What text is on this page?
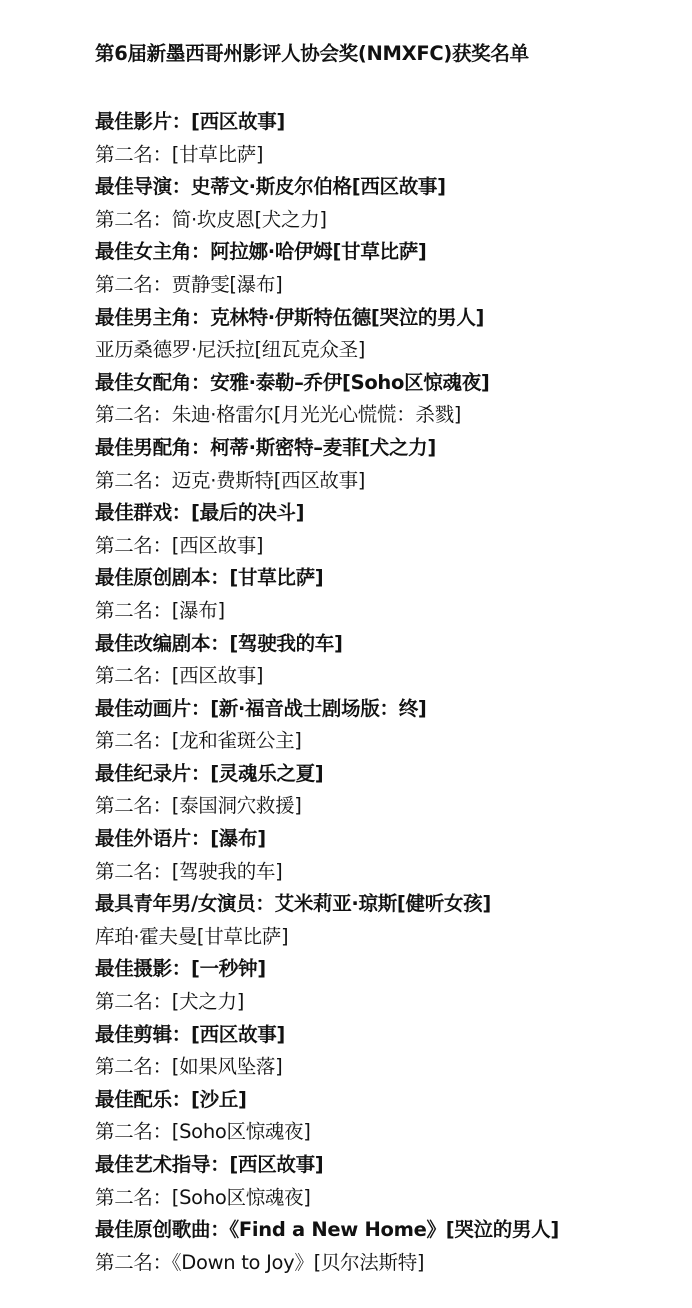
第6届新墨西哥州影评人协会奖(NMXFC)获奖名单
最佳影片：[西区故事]
第二名：[甘草比萨]
最佳导演：史蒂文·斯皮尔伯格[西区故事]
第二名：简·坎皮恩[犬之力]
最佳女主角：阿拉娜·哈伊姆[甘草比萨]
第二名：贾静雯[瀑布]
最佳男主角：克林特·伊斯特伍德[哭泣的男人]
亚历桑德罗·尼沃拉[纽瓦克众圣]
最佳女配角：安雅·泰勒–乔伊[Soho区惊魂夜]
第二名：朱迪·格雷尔[月光光心慌慌：杀戮]
最佳男配角：柯蒂·斯密特–麦菲[犬之力]
第二名：迈克·费斯特[西区故事]
最佳群戏：[最后的决斗]
第二名：[西区故事]
最佳原创剧本：[甘草比萨]
第二名：[瀑布]
最佳改编剧本：[驾驶我的车]
第二名：[西区故事]
最佳动画片：[新·福音战士剧场版：终]
第二名：[龙和雀斑公主]
最佳纪录片：[灵魂乐之夏]
第二名：[泰国洞穴救援]
最佳外语片：[瀑布]
第二名：[驾驶我的车]
最具青年男/女演员：艾米莉亚·琼斯[健听女孩]
库珀·霍夫曼[甘草比萨]
最佳摄影：[一秒钟]
第二名：[犬之力]
最佳剪辑：[西区故事]
第二名：[如果风坠落]
最佳配乐：[沙丘]
第二名：[Soho区惊魂夜]
最佳艺术指导：[西区故事]
第二名：[Soho区惊魂夜]
最佳原创歌曲：《Find a New Home》[哭泣的男人]
第二名：《Down to Joy》[贝尔法斯特]
